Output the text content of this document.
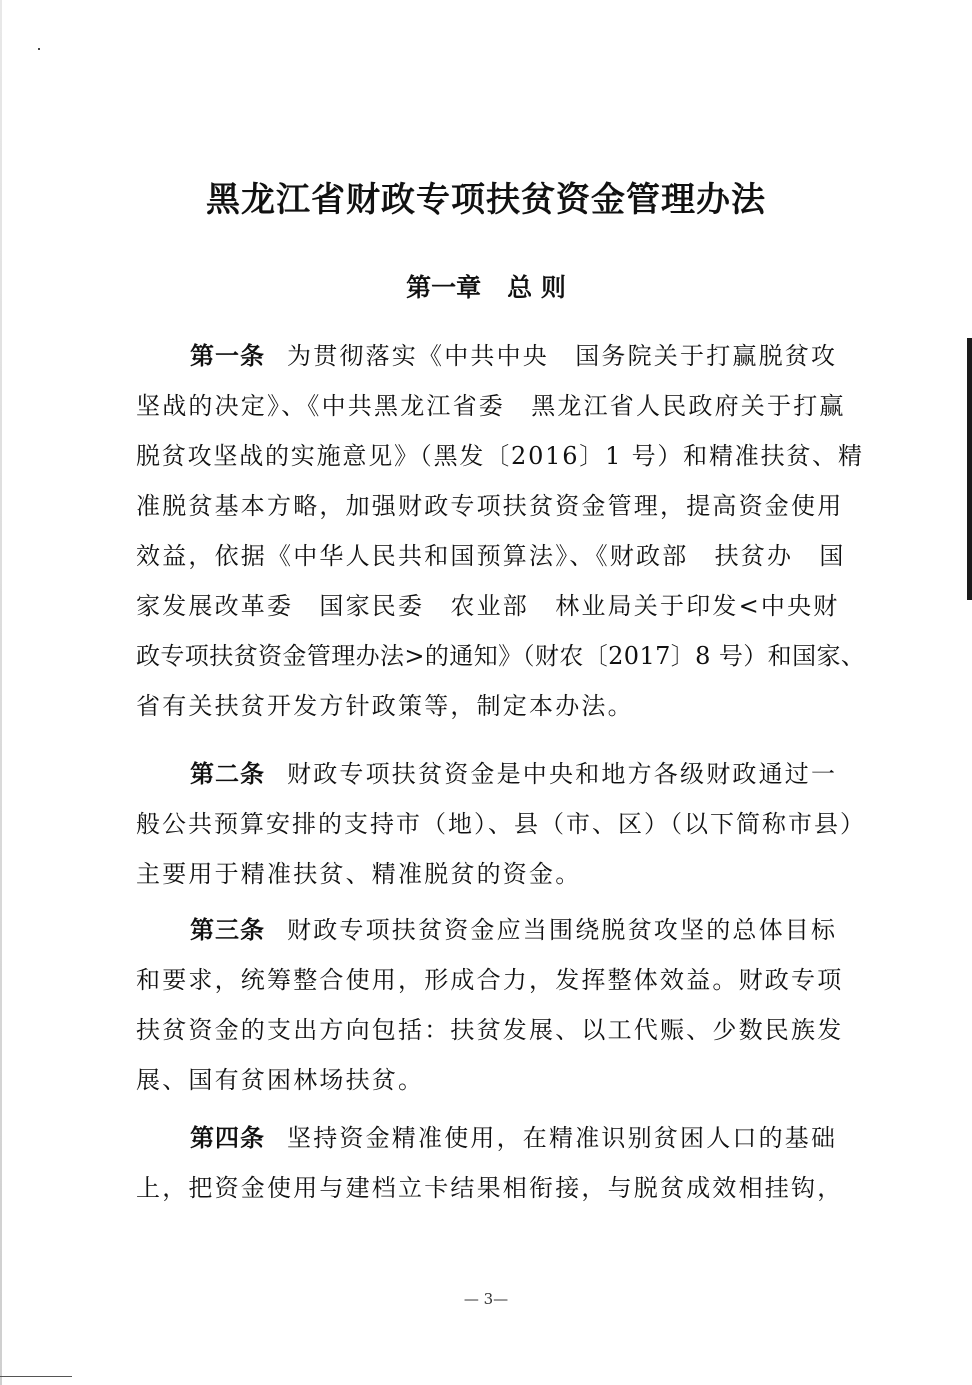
黑龙江省财政专项扶贫资金管理办法
第一章 总 则
第一条 为贯彻落实《中共中央　国务院关于打赢脱贫攻
坚战的决定》、《中共黑龙江省委　黑龙江省人民政府关于打赢
脱贫攻坚战的实施意见》（黑发〔2016〕1 号）和精准扶贫、精
准脱贫基本方略，加强财政专项扶贫资金管理，提高资金使用
效益，依据《中华人民共和国预算法》、《财政部　扶贫办　国
家发展改革委　国家民委　农业部　林业局关于印发<中央财
政专项扶贫资金管理办法>的通知》（财农〔2017〕8 号）和国家、
省有关扶贫开发方针政策等，制定本办法。
第二条 财政专项扶贫资金是中央和地方各级财政通过一
般公共预算安排的支持市（地）、县（市、区）（以下简称市县）
主要用于精准扶贫、精准脱贫的资金。
第三条 财政专项扶贫资金应当围绕脱贫攻坚的总体目标
和要求，统筹整合使用，形成合力，发挥整体效益。财政专项
扶贫资金的支出方向包括：扶贫发展、以工代赈、少数民族发
展、国有贫困林场扶贫。
第四条 坚持资金精准使用，在精准识别贫困人口的基础
上，把资金使用与建档立卡结果相衔接，与脱贫成效相挂钩，
— 3—
